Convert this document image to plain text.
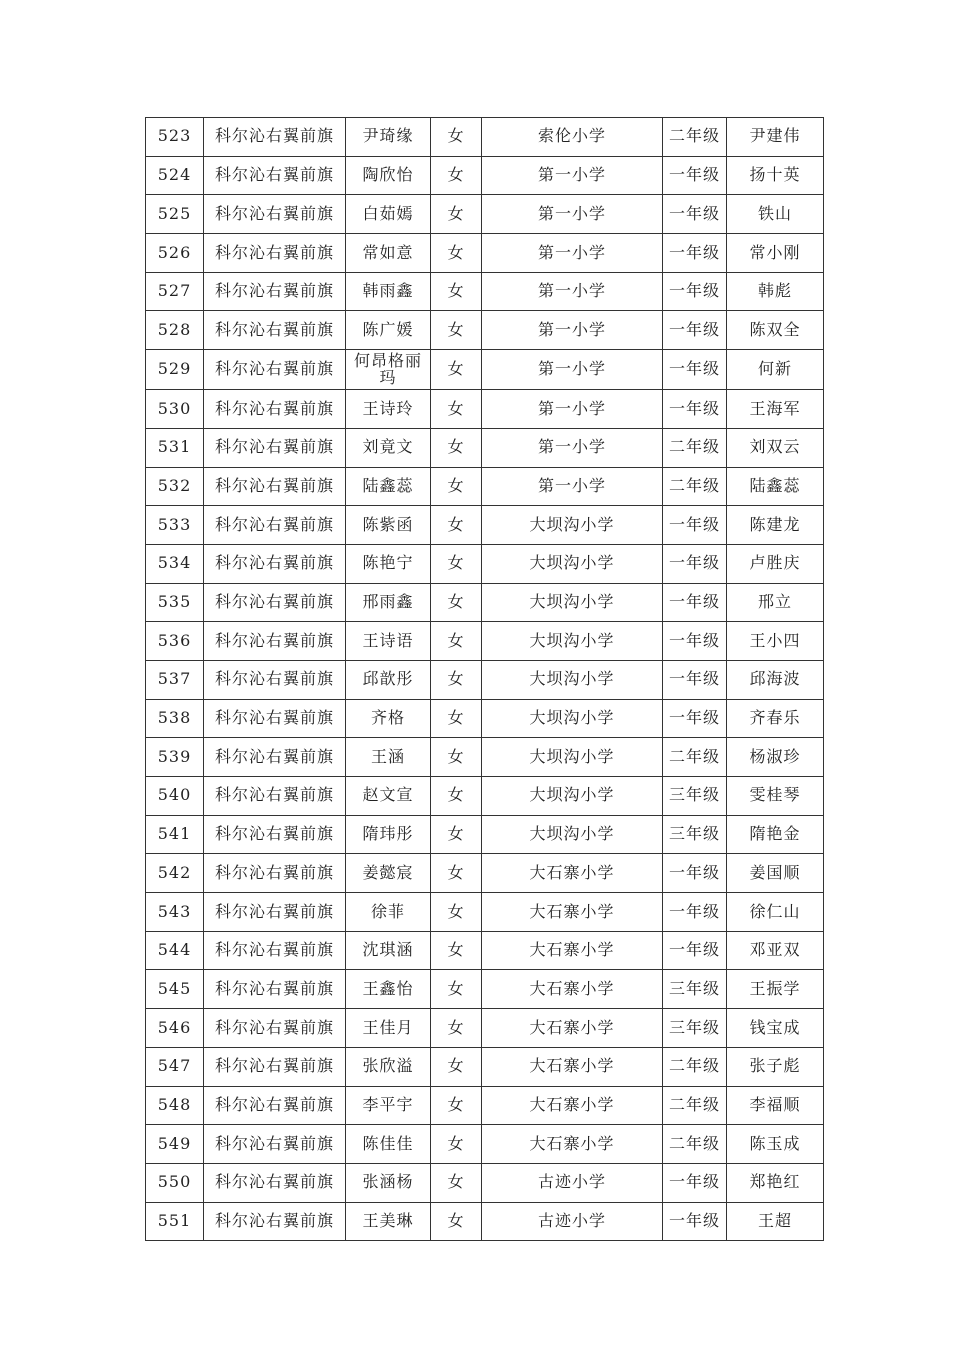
523	科尔沁右翼前旗	尹琦缘	女	索伦小学	二年级	尹建伟
524	科尔沁右翼前旗	陶欣怡	女	第一小学	一年级	扬十英
525	科尔沁右翼前旗	白茹嫣	女	第一小学	一年级	铁山
526	科尔沁右翼前旗	常如意	女	第一小学	一年级	常小刚
527	科尔沁右翼前旗	韩雨鑫	女	第一小学	一年级	韩彪
528	科尔沁右翼前旗	陈广媛	女	第一小学	一年级	陈双全
529	科尔沁右翼前旗	何昂格丽玛	女	第一小学	一年级	何新
530	科尔沁右翼前旗	王诗玲	女	第一小学	一年级	王海军
531	科尔沁右翼前旗	刘竟文	女	第一小学	二年级	刘双云
532	科尔沁右翼前旗	陆鑫蕊	女	第一小学	二年级	陆鑫蕊
533	科尔沁右翼前旗	陈紫函	女	大坝沟小学	一年级	陈建龙
534	科尔沁右翼前旗	陈艳宁	女	大坝沟小学	一年级	卢胜庆
535	科尔沁右翼前旗	邢雨鑫	女	大坝沟小学	一年级	邢立
536	科尔沁右翼前旗	王诗语	女	大坝沟小学	一年级	王小四
537	科尔沁右翼前旗	邱歆彤	女	大坝沟小学	一年级	邱海波
538	科尔沁右翼前旗	齐格	女	大坝沟小学	一年级	齐春乐
539	科尔沁右翼前旗	王涵	女	大坝沟小学	二年级	杨淑珍
540	科尔沁右翼前旗	赵文宣	女	大坝沟小学	三年级	雯桂琴
541	科尔沁右翼前旗	隋玮彤	女	大坝沟小学	三年级	隋艳金
542	科尔沁右翼前旗	姜懿宸	女	大石寨小学	一年级	姜国顺
543	科尔沁右翼前旗	徐菲	女	大石寨小学	一年级	徐仁山
544	科尔沁右翼前旗	沈琪涵	女	大石寨小学	一年级	邓亚双
545	科尔沁右翼前旗	王鑫怡	女	大石寨小学	三年级	王振学
546	科尔沁右翼前旗	王佳月	女	大石寨小学	三年级	钱宝成
547	科尔沁右翼前旗	张欣溢	女	大石寨小学	二年级	张子彪
548	科尔沁右翼前旗	李平宇	女	大石寨小学	二年级	李福顺
549	科尔沁右翼前旗	陈佳佳	女	大石寨小学	二年级	陈玉成
550	科尔沁右翼前旗	张涵杨	女	古迹小学	一年级	郑艳红
551	科尔沁右翼前旗	王美琳	女	古迹小学	一年级	王超
